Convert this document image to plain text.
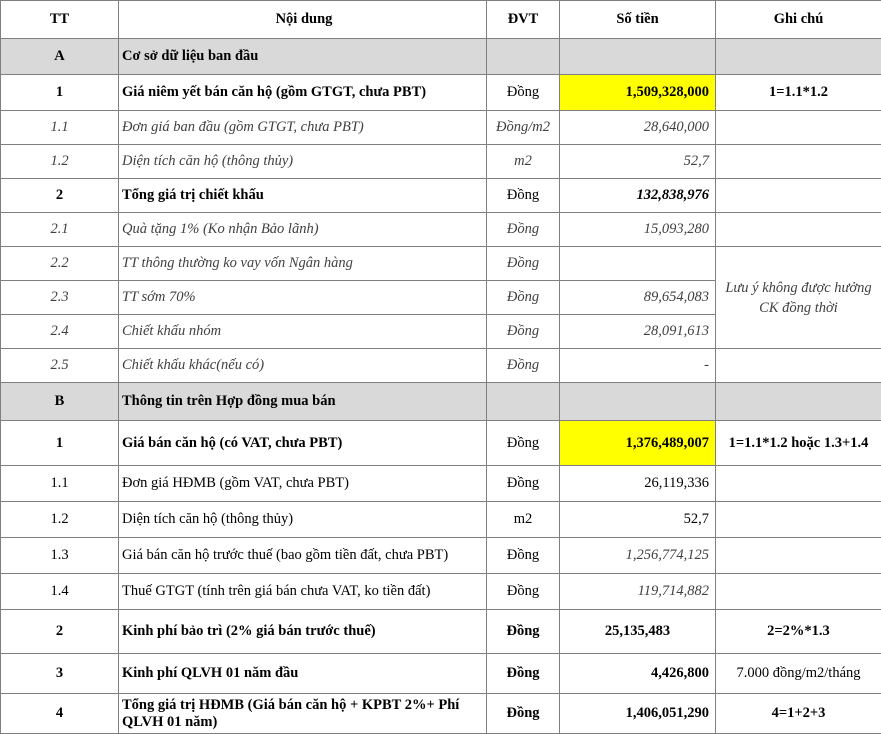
TT	Nội dung	ĐVT	Số tiền	Ghi chú
A	Cơ sở dữ liệu ban đầu			
1	Giá niêm yết bán căn hộ (gồm GTGT, chưa PBT)	Đồng	1,509,328,000	1=1.1*1.2
1.1	Đơn giá ban đầu (gồm GTGT, chưa PBT)	Đồng/m2	28,640,000	
1.2	Diện tích căn hộ (thông thủy)	m2	52,7	
2	Tổng giá trị chiết khấu	Đồng	132,838,976	
2.1	Quà tặng 1% (Ko nhận Bảo lãnh)	Đồng	15,093,280	
2.2	TT thông thường ko vay vốn Ngân hàng	Đồng		Lưu ý không được hưởng CK đồng thời
2.3	TT sớm 70%	Đồng	89,654,083	
2.4	Chiết khấu nhóm	Đồng	28,091,613	
2.5	Chiết khấu khác(nếu có)	Đồng	-	
B	Thông tin trên Hợp đồng mua bán			
1	Giá bán căn hộ (có VAT, chưa PBT)	Đồng	1,376,489,007	1=1.1*1.2 hoặc 1.3+1.4
1.1	Đơn giá HĐMB (gồm VAT, chưa PBT)	Đồng	26,119,336	
1.2	Diện tích căn hộ (thông thủy)	m2	52,7	
1.3	Giá bán căn hộ trước thuế (bao gồm tiền đất, chưa PBT)	Đồng	1,256,774,125	
1.4	Thuế GTGT (tính trên giá bán chưa VAT, ko tiền đất)	Đồng	119,714,882	
2	Kinh phí bảo trì (2% giá bán trước thuế)	Đồng	25,135,483	2=2%*1.3
3	Kinh phí QLVH 01 năm đầu	Đồng	4,426,800	7.000 đồng/m2/tháng
4	Tổng giá trị HĐMB (Giá bán căn hộ + KPBT 2%+ Phí QLVH 01 năm)	Đồng	1,406,051,290	4=1+2+3
